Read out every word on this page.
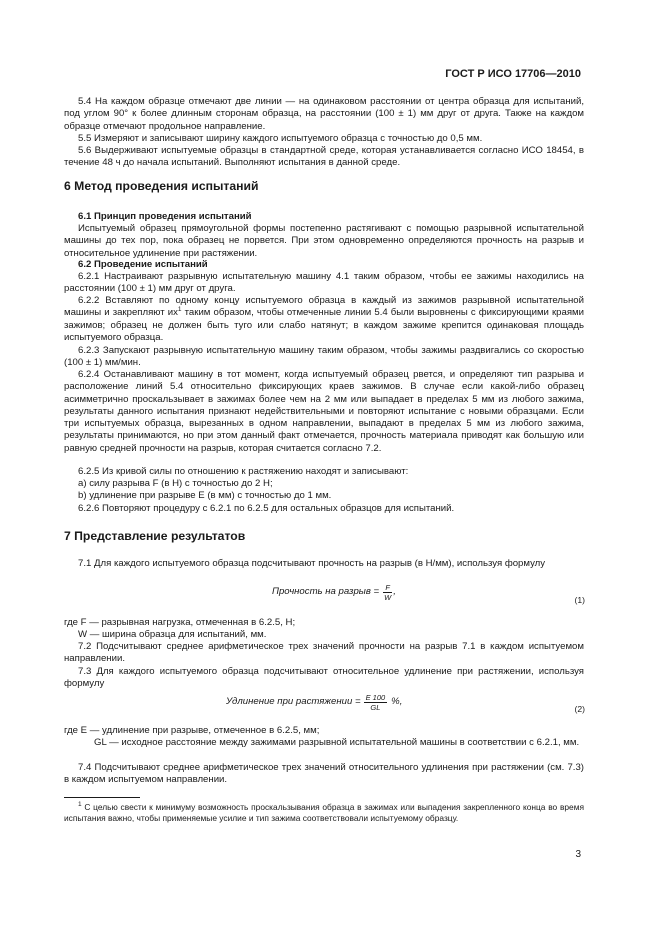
ГОСТ Р ИСО 17706—2010

5.4 На каждом образце отмечают две линии — на одинаковом расстоянии от центра образца для испытаний, под углом 90° к более длинным сторонам образца, на расстоянии (100 ± 1) мм друг от друга. Также на каждом образце отмечают продольное направление.

5.5 Измеряют и записывают ширину каждого испытуемого образца с точностью до 0,5 мм.

5.6 Выдерживают испытуемые образцы в стандартной среде, которая устанавливается согласно ИСО 18454, в течение 48 ч до начала испытаний. Выполняют испытания в данной среде.

6 Метод проведения испытаний

6.1 Принцип проведения испытаний

Испытуемый образец прямоугольной формы постепенно растягивают с помощью разрывной испытательной машины до тех пор, пока образец не порвется. При этом одновременно определяются прочность на разрыв и относительное удлинение при растяжении.

6.2 Проведение испытаний

6.2.1 Настраивают разрывную испытательную машину 4.1 таким образом, чтобы ее зажимы находились на расстоянии (100 ± 1) мм друг от друга.

6.2.2 Вставляют по одному концу испытуемого образца в каждый из зажимов разрывной испытательной машины и закрепляют $их^1$ таким образом, чтобы отмеченные линии 5.4 были выровнены с фиксирующими краями зажимов; образец не должен быть туго или слабо натянут; в каждом зажиме крепится одинаковая площадь испытуемого образца.

6.2.3 Запускают разрывную испытательную машину таким образом, чтобы зажимы раздвигались со скоростью (100 ± 1) мм/мин.

6.2.4 Останавливают машину в тот момент, когда испытуемый образец рвется, и определяют тип разрыва и расположение линий 5.4 относительно фиксирующих краев зажимов. В случае если какой-либо образец асимметрично проскальзывает в зажимах более чем на 2 мм или выпадает в пределах 5 мм из любого зажима, результаты данного испытания признают недействительными и повторяют испытание с новыми образцами. Если три испытуемых образца, вырезанных в одном направлении, выпадают в пределах 5 мм из любого зажима, результаты принимаются, но при этом данный факт отмечается, прочность материала приводят как большую или равную средней прочности на разрыв, которая считается согласно 7.2.

6.2.5 Из кривой силы по отношению к растяжению находят и записывают:

a) силу разрыва F (в Н) с точностью до 2 Н;

b) удлинение при разрыве E (в мм) с точностью до 1 мм.

6.2.6 Повторяют процедуру с 6.2.1 по 6.2.5 для остальных образцов для испытаний.

7 Представление результатов

7.1 Для каждого испытуемого образца подсчитывают прочность на разрыв (в Н/мм), используя формулу

Прочность на разрыв = $\frac{F}{W}$ ,
(1)

где F — разрывная нагрузка, отмеченная в 6.2.5, Н;

W — ширина образца для испытаний, мм.

7.2 Подсчитывают среднее арифметическое трех значений прочности на разрыв 7.1 в каждом испытуемом направлении.

7.3 Для каждого испытуемого образца подсчитывают относительное удлинение при растяжении, используя формулу

Удлинение при растяжении = $\frac{E 100}{GL}$ %,
(2)

где E — удлинение при разрыве, отмеченное в 6.2.5, мм;

GL — исходное расстояние между зажимами разрывной испытательной машины в соответствии с 6.2.1, мм.

7.4 Подсчитывают среднее арифметическое трех значений относительного удлинения при растяжении (см. 7.3) в каждом испытуемом направлении.

$^1$ С целью свести к минимуму возможность проскальзывания образца в зажимах или выпадения закрепленного конца во время испытания важно, чтобы применяемые усилие и тип зажима соответствовали испытуемому образцу.

3
